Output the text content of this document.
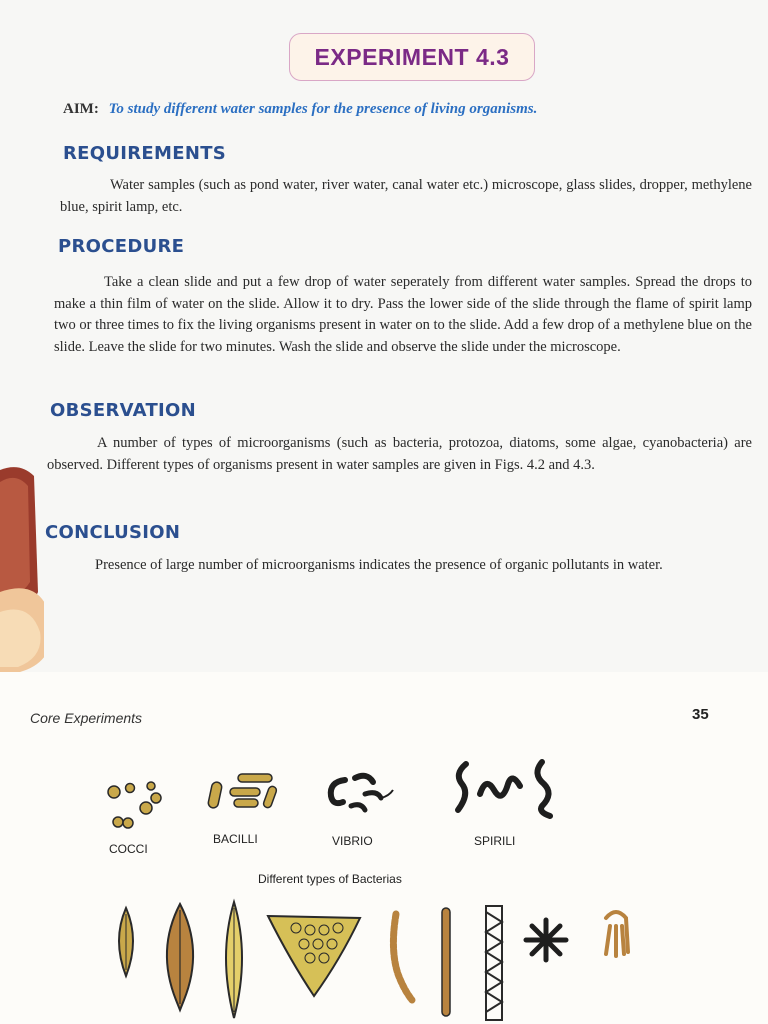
EXPERIMENT 4.3
AIM: To study different water samples for the presence of living organisms.
REQUIREMENTS
Water samples (such as pond water, river water, canal water etc.) microscope, glass slides, dropper, methylene blue, spirit lamp, etc.
PROCEDURE
Take a clean slide and put a few drop of water seperately from different water samples. Spread the drops to make a thin film of water on the slide. Allow it to dry. Pass the lower side of the slide through the flame of spirit lamp two or three times to fix the living organisms present in water on to the slide. Add a few drop of a methylene blue on the slide. Leave the slide for two minutes. Wash the slide and observe the slide under the microscope.
OBSERVATION
A number of types of microorganisms (such as bacteria, protozoa, diatoms, some algae, cyanobacteria) are observed. Different types of organisms present in water samples are given in Figs. 4.2 and 4.3.
CONCLUSION
Presence of large number of microorganisms indicates the presence of organic pollutants in water.
Core Experiments	35
COCCI
BACILLI	VIBRIO	SPIRILI
Different types of Bacterias
